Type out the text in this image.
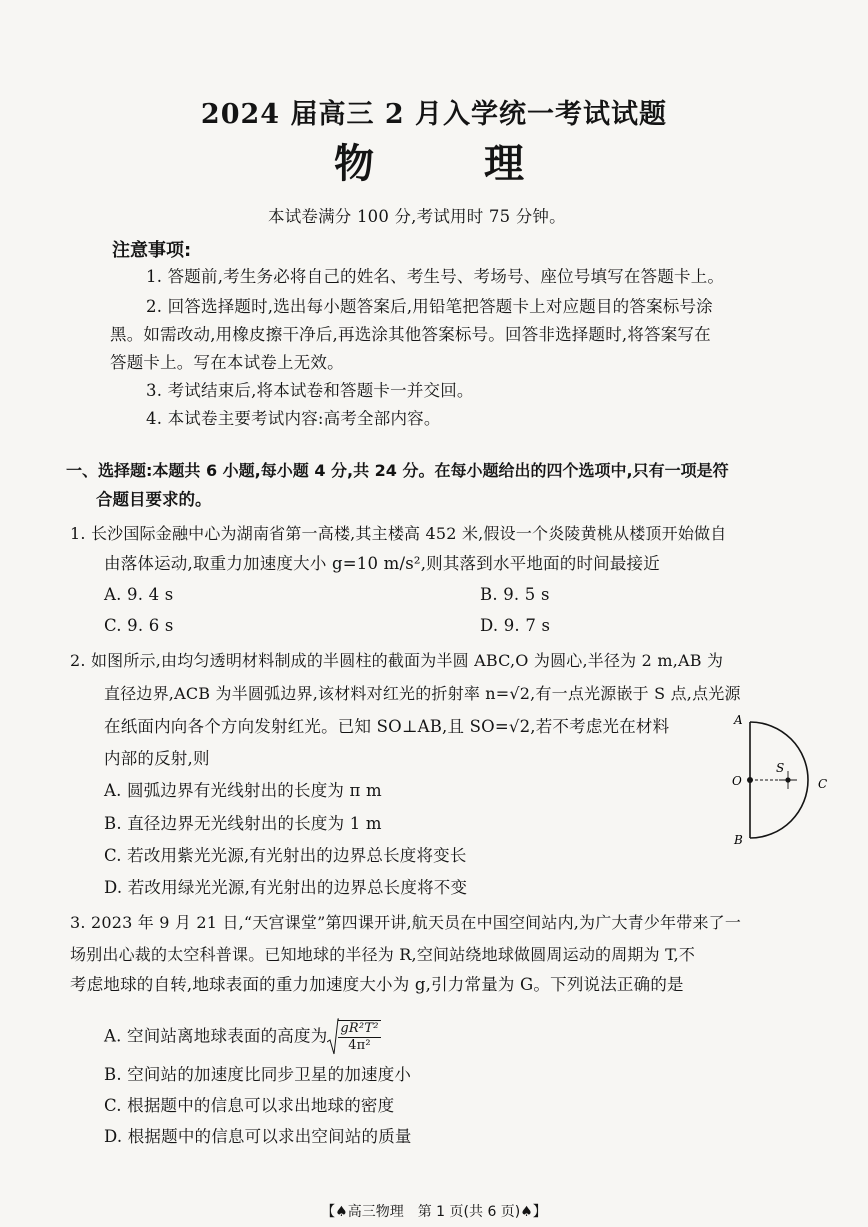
2024 届高三 2 月入学统一考试试题
物　　理
本试卷满分 100 分,考试用时 75 分钟。
注意事项:
1. 答题前,考生务必将自己的姓名、考生号、考场号、座位号填写在答题卡上。
2. 回答选择题时,选出每小题答案后,用铅笔把答题卡上对应题目的答案标号涂
黑。如需改动,用橡皮擦干净后,再选涂其他答案标号。回答非选择题时,将答案写在
答题卡上。写在本试卷上无效。
3. 考试结束后,将本试卷和答题卡一并交回。
4. 本试卷主要考试内容:高考全部内容。
一、选择题:本题共 6 小题,每小题 4 分,共 24 分。在每小题给出的四个选项中,只有一项是符
合题目要求的。
1. 长沙国际金融中心为湖南省第一高楼,其主楼高 452 米,假设一个炎陵黄桃从楼顶开始做自
由落体运动,取重力加速度大小 g=10 m/s²,则其落到水平地面的时间最接近
A. 9. 4 s	B. 9. 5 s
C. 9. 6 s	D. 9. 7 s
2. 如图所示,由均匀透明材料制成的半圆柱的截面为半圆 ABC,O 为圆心,半径为 2 m,AB 为
直径边界,ACB 为半圆弧边界,该材料对红光的折射率 n=√2,有一点光源嵌于 S 点,点光源
在纸面内向各个方向发射红光。已知 SO⊥AB,且 SO=√2,若不考虑光在材料
内部的反射,则
A. 圆弧边界有光线射出的长度为 π m
B. 直径边界无光线射出的长度为 1 m
C. 若改用紫光光源,有光射出的边界总长度将变长
D. 若改用绿光光源,有光射出的边界总长度将不变
A
O
B
S
C
3. 2023 年 9 月 21 日,“天宫课堂”第四课开讲,航天员在中国空间站内,为广大青少年带来了一
场别出心裁的太空科普课。已知地球的半径为 R,空间站绕地球做圆周运动的周期为 T,不
考虑地球的自转,地球表面的重力加速度大小为 g,引力常量为 G。下列说法正确的是
A. 空间站离地球表面的高度为 $\frac{\text{gR²T²}}{\text{4π²}}$
B. 空间站的加速度比同步卫星的加速度小
C. 根据题中的信息可以求出地球的密度
D. 根据题中的信息可以求出空间站的质量
【♠高三物理　第 1 页(共 6 页)♠】
